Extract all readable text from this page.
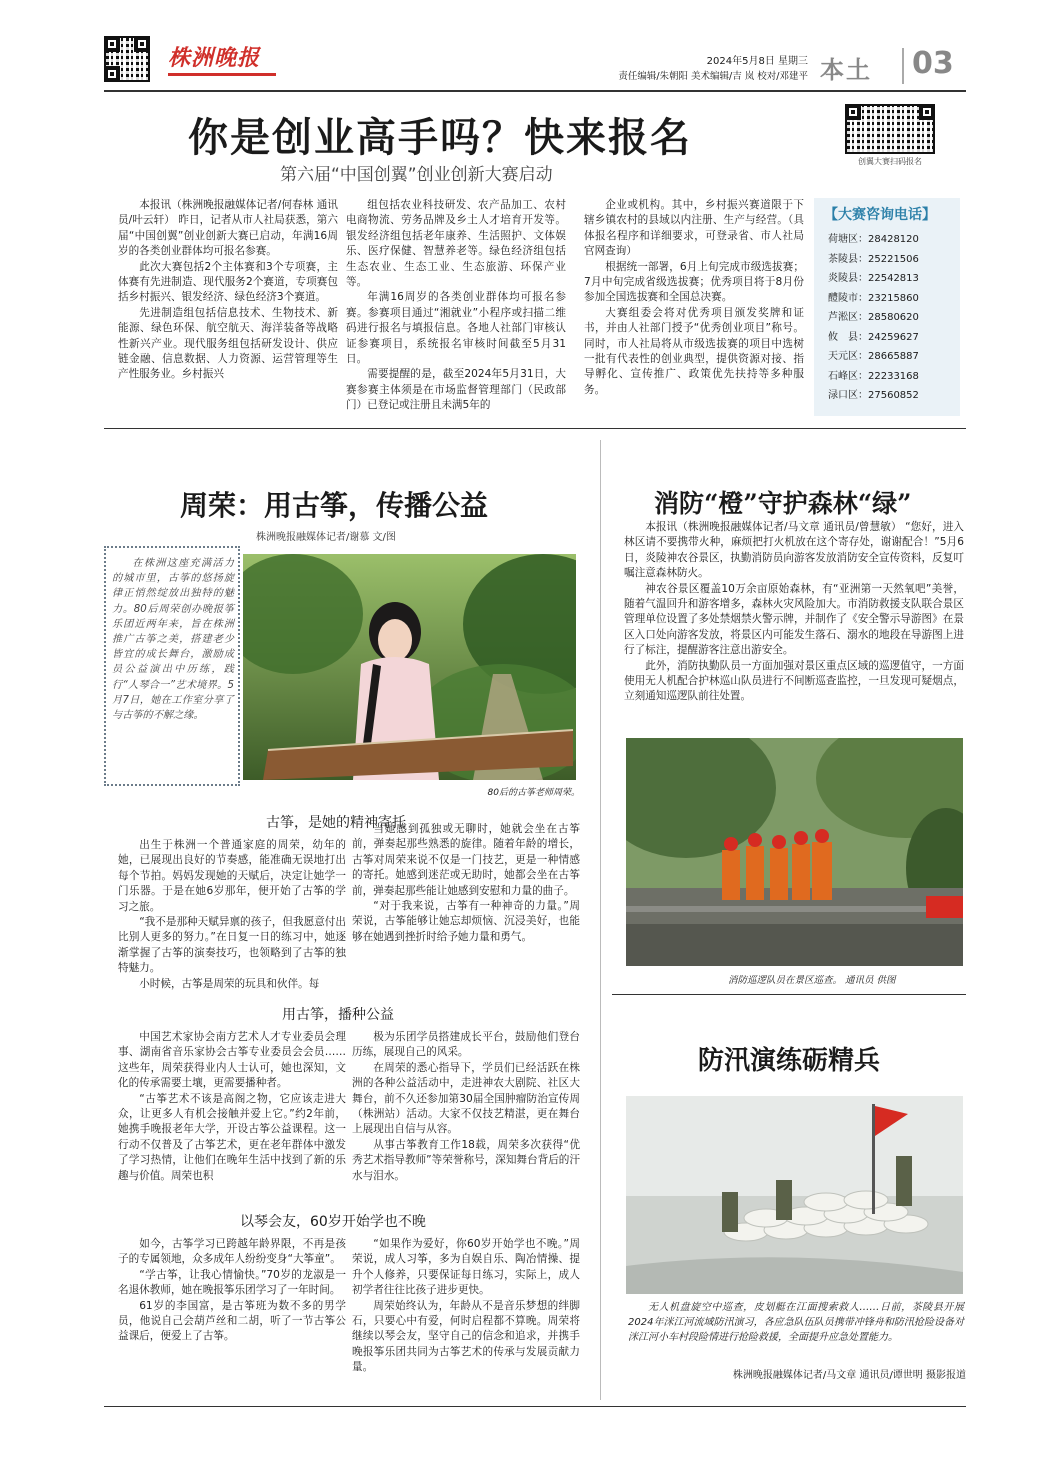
株洲晚报	2024年5月8日 星期三
责任编辑/朱朝阳 美术编辑/吉 岚 校对/邓建平 本土 03
你是创业高手吗？快来报名
第六届“中国创翼”创业创新大赛启动
创翼大赛扫码报名

本报讯（株洲晚报融媒体记者/何春林 通讯员/叶云轩） 昨日，记者从市人社局获悉，第六届“中国创翼”创业创新大赛已启动，年满16周岁的各类创业群体均可报名参赛。

此次大赛包括2个主体赛和3个专项赛，主体赛有先进制造、现代服务2个赛道，专项赛包括乡村振兴、银发经济、绿色经济3个赛道。

先进制造组包括信息技术、生物技术、新能源、绿色环保、航空航天、海洋装备等战略性新兴产业。现代服务组包括研发设计、供应链金融、信息数据、人力资源、运营管理等生产性服务业。乡村振兴

组包括农业科技研发、农产品加工、农村电商物流、劳务品牌及乡土人才培育开发等。银发经济组包括老年康养、生活照护、文体娱乐、医疗保健、智慧养老等。绿色经济组包括生态农业、生态工业、生态旅游、环保产业等。

年满16周岁的各类创业群体均可报名参赛。参赛项目通过“湘就业”小程序或扫描二维码进行报名与填报信息。各地人社部门审核认证参赛项目，系统报名审核时间截至5月31日。

需要提醒的是，截至2024年5月31日，大赛参赛主体须是在市场监督管理部门（民政部门）已登记或注册且未满5年的

企业或机构。其中，乡村振兴赛道限于下辖乡镇农村的县域以内注册、生产与经营。（具体报名程序和详细要求，可登录省、市人社局官网查询）

根据统一部署，6月上旬完成市级选拔赛；7月中旬完成省级选拔赛；优秀项目将于8月份参加全国选拔赛和全国总决赛。

大赛组委会将对优秀项目颁发奖牌和证书，并由人社部门授予“优秀创业项目”称号。同时，市人社局将从市级选拔赛的项目中选树一批有代表性的创业典型，提供资源对接、指导孵化、宣传推广、政策优先扶持等多种服务。

【大赛咨询电话】
荷塘区：28428120
茶陵县：25221506
炎陵县：22542813
醴陵市：23215860
芦淞区：28580620
攸　县：24259627
天元区：28665887
石峰区：22233168
渌口区：27560852
周荣：用古筝，传播公益
株洲晚报融媒体记者/谢慕 文/图
在株洲这座充满活力的城市里，古筝的悠扬旋律正悄然绽放出独特的魅力。80后周荣创办晚报筝乐团近两年来，旨在株洲推广古筝之美，搭建老少皆宜的成长舞台，激励成员公益演出中历练，践行“人琴合一”艺术境界。5月7日，她在工作室分享了与古筝的不解之缘。
80后的古筝老师周荣。
古筝，是她的精神寄托

出生于株洲一个普通家庭的周荣，幼年的她，已展现出良好的节奏感，能准确无误地打出每个节拍。妈妈发现她的天赋后，决定让她学一门乐器。于是在她6岁那年，便开始了古筝的学习之旅。

“我不是那种天赋异禀的孩子，但我愿意付出比别人更多的努力。”在日复一日的练习中，她逐渐掌握了古筝的演奏技巧，也领略到了古筝的独特魅力。

小时候，古筝是周荣的玩具和伙伴。每

当她感到孤独或无聊时，她就会坐在古筝前，弹奏起那些熟悉的旋律。随着年龄的增长，古筝对周荣来说不仅是一门技艺，更是一种情感的寄托。她感到迷茫或无助时，她都会坐在古筝前，弹奏起那些能让她感到安慰和力量的曲子。

“对于我来说，古筝有一种神奇的力量。”周荣说，古筝能够让她忘却烦恼、沉浸美好，也能够在她遇到挫折时给予她力量和勇气。

用古筝，播种公益

中国艺术家协会南方艺术人才专业委员会理事、湖南省音乐家协会古筝专业委员会会员……这些年，周荣获得业内人士认可，她也深知，文化的传承需要土壤，更需要播种者。

“古筝艺术不该是高阁之物，它应该走进大众，让更多人有机会接触并爱上它。”约2年前，她携手晚报老年大学，开设古筝公益课程。这一行动不仅普及了古筝艺术，更在老年群体中激发了学习热情，让他们在晚年生活中找到了新的乐趣与价值。周荣也积

极为乐团学员搭建成长平台，鼓励他们登台历练，展现自己的风采。

在周荣的悉心指导下，学员们已经活跃在株洲的各种公益活动中，走进神农大剧院、社区大舞台，前不久还参加第30届全国肿瘤防治宣传周（株洲站）活动。大家不仅技艺精湛，更在舞台上展现出自信与从容。

从事古筝教育工作18载，周荣多次获得“优秀艺术指导教师”等荣誉称号，深知舞台背后的汗水与泪水。

以琴会友，60岁开始学也不晚

如今，古筝学习已跨越年龄界限，不再是孩子的专属领地，众多成年人纷纷变身“大筝童”。

“学古筝，让我心情愉快。”70岁的龙淑是一名退休教师，她在晚报筝乐团学习了一年时间。

61岁的李国富，是古筝班为数不多的男学员，他说自己会葫芦丝和二胡，听了一节古筝公益课后，便爱上了古筝。

“如果作为爱好，你60岁开始学也不晚。”周荣说，成人习筝，多为自娱自乐、陶冶情操、提升个人修养，只要保证每日练习，实际上，成人初学者往往比孩子进步更快。

周荣始终认为，年龄从不是音乐梦想的绊脚石，只要心中有爱，何时启程都不算晚。周荣将继续以琴会友，坚守自己的信念和追求，并携手晚报筝乐团共同为古筝艺术的传承与发展贡献力量。

消防“橙”守护森林“绿”

本报讯（株洲晚报融媒体记者/马文章 通讯员/曾慧敏） “您好，进入林区请不要携带火种，麻烦把打火机放在这个寄存处，谢谢配合！”5月6日，炎陵神农谷景区，执勤消防员向游客发放消防安全宣传资料，反复叮嘱注意森林防火。

神农谷景区覆盖10万余亩原始森林，有“亚洲第一天然氧吧”美誉，随着气温回升和游客增多，森林火灾风险加大。市消防救援支队联合景区管理单位设置了多处禁烟禁火警示牌，并制作了《安全警示导游图》在景区入口处向游客发放，将景区内可能发生落石、溺水的地段在导游图上进行了标注，提醒游客注意出游安全。

此外，消防执勤队员一方面加强对景区重点区域的巡逻值守，一方面使用无人机配合护林巡山队员进行不间断巡查监控，一旦发现可疑烟点，立刻通知巡逻队前往处置。

消防巡逻队员在景区巡查。 通讯员 供图
防汛演练砺精兵
无人机盘旋空中巡查，皮划艇在江面搜索救人……日前，茶陵县开展2024年洣江河流域防汛演习，各应急队伍队员携带冲锋舟和防汛抢险设备对洣江河小车村段险情进行抢险救援，全面提升应急处置能力。
株洲晚报融媒体记者/马文章 通讯员/谭世明 摄影报道
